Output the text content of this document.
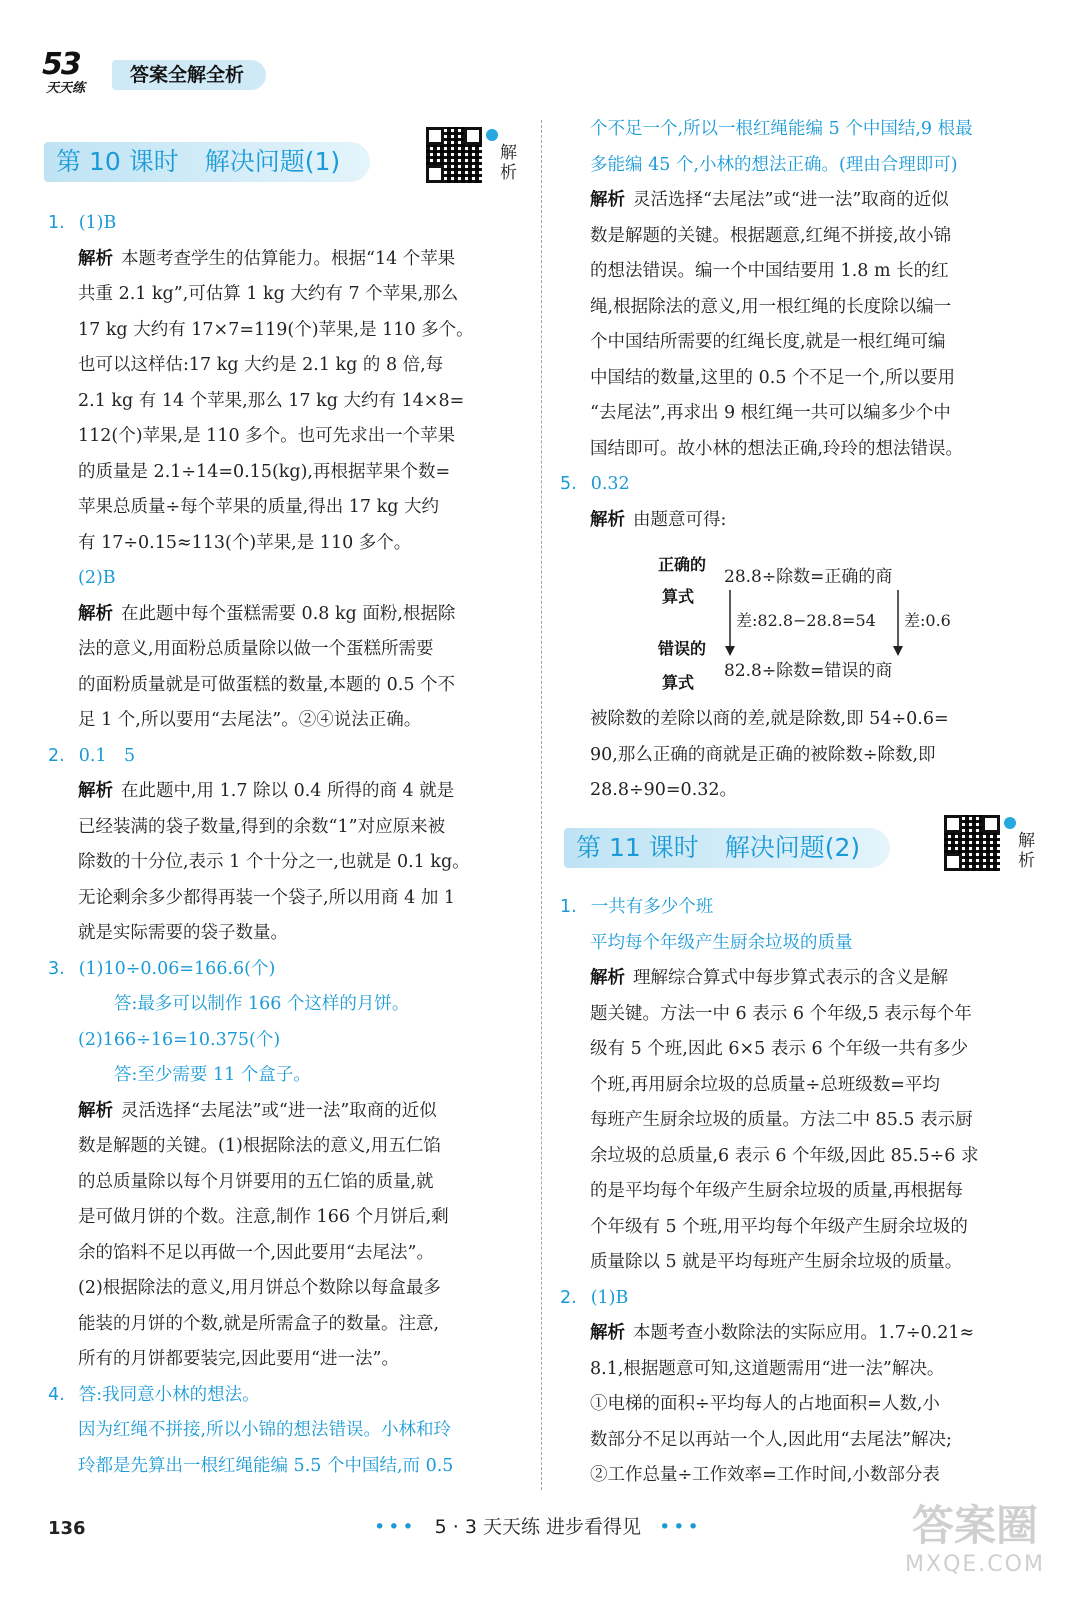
53
天天练
答案全解全析
第 10 课时 解决问题(1)	解析

1. (1)B

解析 本题考查学生的估算能力。根据“14 个苹果

共重 2.1 kg”,可估算 1 kg 大约有 7 个苹果,那么

17 kg 大约有 17×7=119(个)苹果,是 110 多个。

也可以这样估:17 kg 大约是 2.1 kg 的 8 倍,每

2.1 kg 有 14 个苹果,那么 17 kg 大约有 14×8=

112(个)苹果,是 110 多个。也可先求出一个苹果

的质量是 2.1÷14=0.15(kg),再根据苹果个数=

苹果总质量÷每个苹果的质量,得出 17 kg 大约

有 17÷0.15≈113(个)苹果,是 110 多个。

(2)B

解析 在此题中每个蛋糕需要 0.8 kg 面粉,根据除

法的意义,用面粉总质量除以做一个蛋糕所需要

的面粉质量就是可做蛋糕的数量,本题的 0.5 个不

足 1 个,所以要用“去尾法”。②④说法正确。

2. 0.1　5

解析 在此题中,用 1.7 除以 0.4 所得的商 4 就是

已经装满的袋子数量,得到的余数“1”对应原来被

除数的十分位,表示 1 个十分之一,也就是 0.1 kg。

无论剩余多少都得再装一个袋子,所以用商 4 加 1

就是实际需要的袋子数量。

3. (1)10÷0.06=166.6(个)

答:最多可以制作 166 个这样的月饼。

(2)166÷16=10.375(个)

答:至少需要 11 个盒子。

解析 灵活选择“去尾法”或“进一法”取商的近似

数是解题的关键。(1)根据除法的意义,用五仁馅

的总质量除以每个月饼要用的五仁馅的质量,就

是可做月饼的个数。注意,制作 166 个月饼后,剩

余的馅料不足以再做一个,因此要用“去尾法”。

(2)根据除法的意义,用月饼总个数除以每盒最多

能装的月饼的个数,就是所需盒子的数量。注意,

所有的月饼都要装完,因此要用“进一法”。

4. 答:我同意小林的想法。

因为红绳不拼接,所以小锦的想法错误。小林和玲

玲都是先算出一根红绳能编 5.5 个中国结,而 0.5

个不足一个,所以一根红绳能编 5 个中国结,9 根最

多能编 45 个,小林的想法正确。(理由合理即可)

解析 灵活选择“去尾法”或“进一法”取商的近似

数是解题的关键。根据题意,红绳不拼接,故小锦

的想法错误。编一个中国结要用 1.8 m 长的红

绳,根据除法的意义,用一根红绳的长度除以编一

个中国结所需要的红绳长度,就是一根红绳可编

中国结的数量,这里的 0.5 个不足一个,所以要用

“去尾法”,再求出 9 根红绳一共可以编多少个中

国结即可。故小林的想法正确,玲玲的想法错误。

5. 0.32

解析 由题意可得:

正确的
算式
错误的
算式
28.8÷除数=正确的商
82.8÷除数=错误的商
差:82.8−28.8=54 差:0.6

被除数的差除以商的差,就是除数,即 54÷0.6=

90,那么正确的商就是正确的被除数÷除数,即

28.8÷90=0.32。

第 11 课时 解决问题(2)	解析

1. 一共有多少个班

平均每个年级产生厨余垃圾的质量

解析 理解综合算式中每步算式表示的含义是解

题关键。方法一中 6 表示 6 个年级,5 表示每个年

级有 5 个班,因此 6×5 表示 6 个年级一共有多少

个班,再用厨余垃圾的总质量÷总班级数=平均

每班产生厨余垃圾的质量。方法二中 85.5 表示厨

余垃圾的总质量,6 表示 6 个年级,因此 85.5÷6 求

的是平均每个年级产生厨余垃圾的质量,再根据每

个年级有 5 个班,用平均每个年级产生厨余垃圾的

质量除以 5 就是平均每班产生厨余垃圾的质量。

2. (1)B

解析 本题考查小数除法的实际应用。1.7÷0.21≈

8.1,根据题意可知,这道题需用“进一法”解决。

①电梯的面积÷平均每人的占地面积=人数,小

数部分不足以再站一个人,因此用“去尾法”解决;

②工作总量÷工作效率=工作时间,小数部分表

136	••• 5 · 3 天天练 进步看得见 •••	答案圈
MXQE.COM
